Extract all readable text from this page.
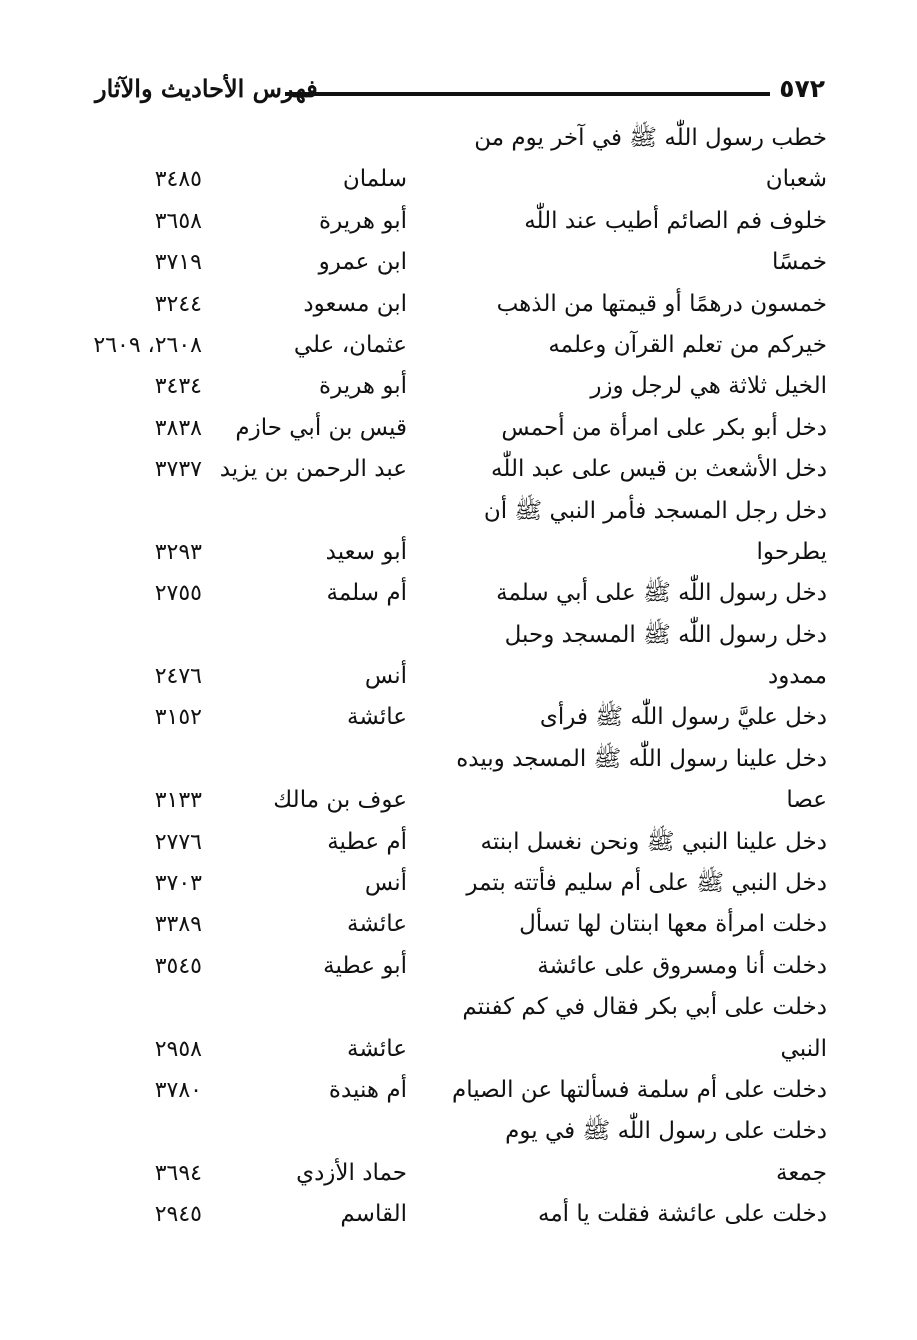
٥٧٢
فهرس الأحاديث والآثار
خطب رسول اللّٰه ﷺ في آخر يوم من
شعبان
سلمان
٣٤٨٥
خلوف فم الصائم أطيب عند اللّٰه
أبو هريرة
٣٦٥٨
خمسًا
ابن عمرو
٣٧١٩
خمسون درهمًا أو قيمتها من الذهب
ابن مسعود
٣٢٤٤
خيركم من تعلم القرآن وعلمه
عثمان، علي
٢٦٠٨، ٢٦٠٩
الخيل ثلاثة هي لرجل وزر
أبو هريرة
٣٤٣٤
دخل أبو بكر على امرأة من أحمس
قيس بن أبي حازم
٣٨٣٨
دخل الأشعث بن قيس على عبد اللّٰه
عبد الرحمن بن يزيد
٣٧٣٧
دخل رجل المسجد فأمر النبي ﷺ أن
يطرحوا
أبو سعيد
٣٢٩٣
دخل رسول اللّٰه ﷺ على أبي سلمة
أم سلمة
٢٧٥٥
دخل رسول اللّٰه ﷺ المسجد وحبل
ممدود
أنس
٢٤٧٦
دخل عليَّ رسول اللّٰه ﷺ فرأى
عائشة
٣١٥٢
دخل علينا رسول اللّٰه ﷺ المسجد وبيده
عصا
عوف بن مالك
٣١٣٣
دخل علينا النبي ﷺ ونحن نغسل ابنته
أم عطية
٢٧٧٦
دخل النبي ﷺ على أم سليم فأتته بتمر
أنس
٣٧٠٣
دخلت امرأة معها ابنتان لها تسأل
عائشة
٣٣٨٩
دخلت أنا ومسروق على عائشة
أبو عطية
٣٥٤٥
دخلت على أبي بكر فقال في كم كفنتم
النبي
عائشة
٢٩٥٨
دخلت على أم سلمة فسألتها عن الصيام
أم هنيدة
٣٧٨٠
دخلت على رسول اللّٰه ﷺ في يوم
جمعة
حماد الأزدي
٣٦٩٤
دخلت على عائشة فقلت يا أمه
القاسم
٢٩٤٥
